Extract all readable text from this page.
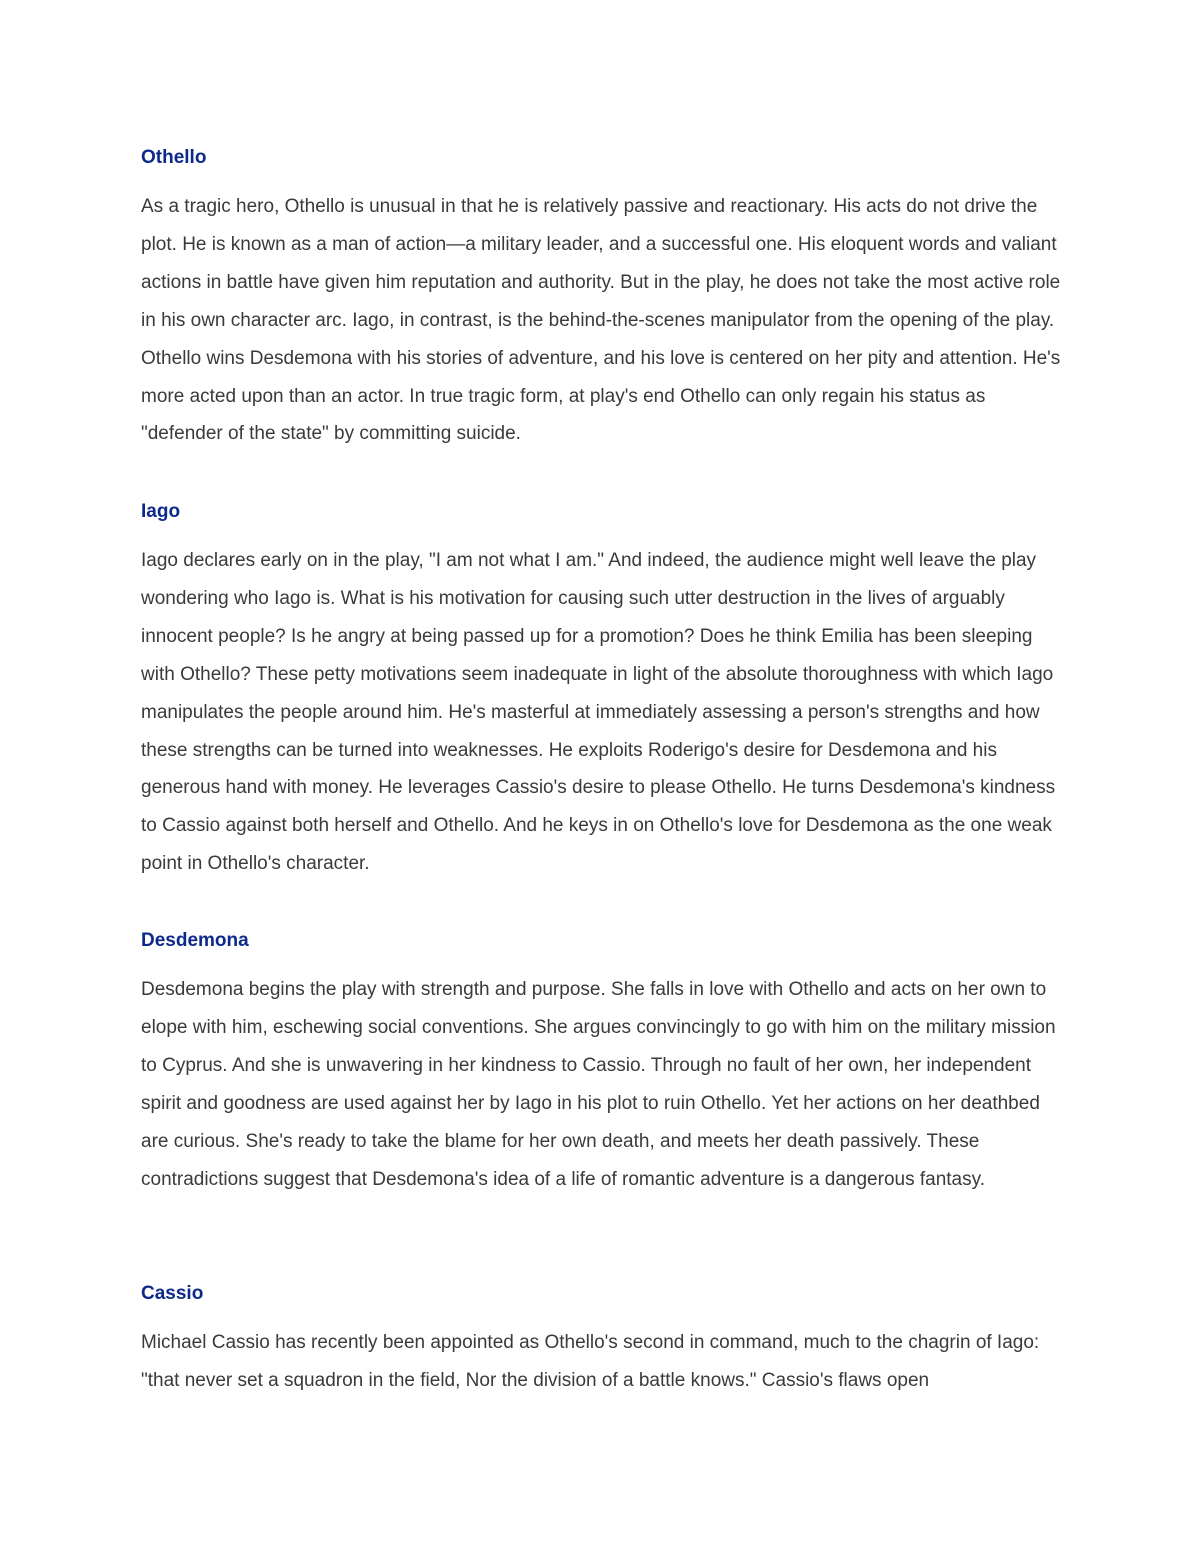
Othello

As a tragic hero, Othello is unusual in that he is relatively passive and reactionary. His acts do not drive the plot. He is known as a man of action—a military leader, and a successful one. His eloquent words and valiant actions in battle have given him reputation and authority. But in the play, he does not take the most active role in his own character arc. Iago, in contrast, is the behind-the-scenes manipulator from the opening of the play. Othello wins Desdemona with his stories of adventure, and his love is centered on her pity and attention. He's more acted upon than an actor. In true tragic form, at play's end Othello can only regain his status as "defender of the state" by committing suicide.

Iago

Iago declares early on in the play, "I am not what I am." And indeed, the audience might well leave the play wondering who Iago is. What is his motivation for causing such utter destruction in the lives of arguably innocent people? Is he angry at being passed up for a promotion? Does he think Emilia has been sleeping with Othello? These petty motivations seem inadequate in light of the absolute thoroughness with which Iago manipulates the people around him. He's masterful at immediately assessing a person's strengths and how these strengths can be turned into weaknesses. He exploits Roderigo's desire for Desdemona and his generous hand with money. He leverages Cassio's desire to please Othello. He turns Desdemona's kindness to Cassio against both herself and Othello. And he keys in on Othello's love for Desdemona as the one weak point in Othello's character.

Desdemona

Desdemona begins the play with strength and purpose. She falls in love with Othello and acts on her own to elope with him, eschewing social conventions. She argues convincingly to go with him on the military mission to Cyprus. And she is unwavering in her kindness to Cassio. Through no fault of her own, her independent spirit and goodness are used against her by Iago in his plot to ruin Othello. Yet her actions on her deathbed are curious. She's ready to take the blame for her own death, and meets her death passively. These contradictions suggest that Desdemona's idea of a life of romantic adventure is a dangerous fantasy.

Cassio

Michael Cassio has recently been appointed as Othello's second in command, much to the chagrin of Iago: "that never set a squadron in the field, Nor the division of a battle knows." Cassio's flaws open
